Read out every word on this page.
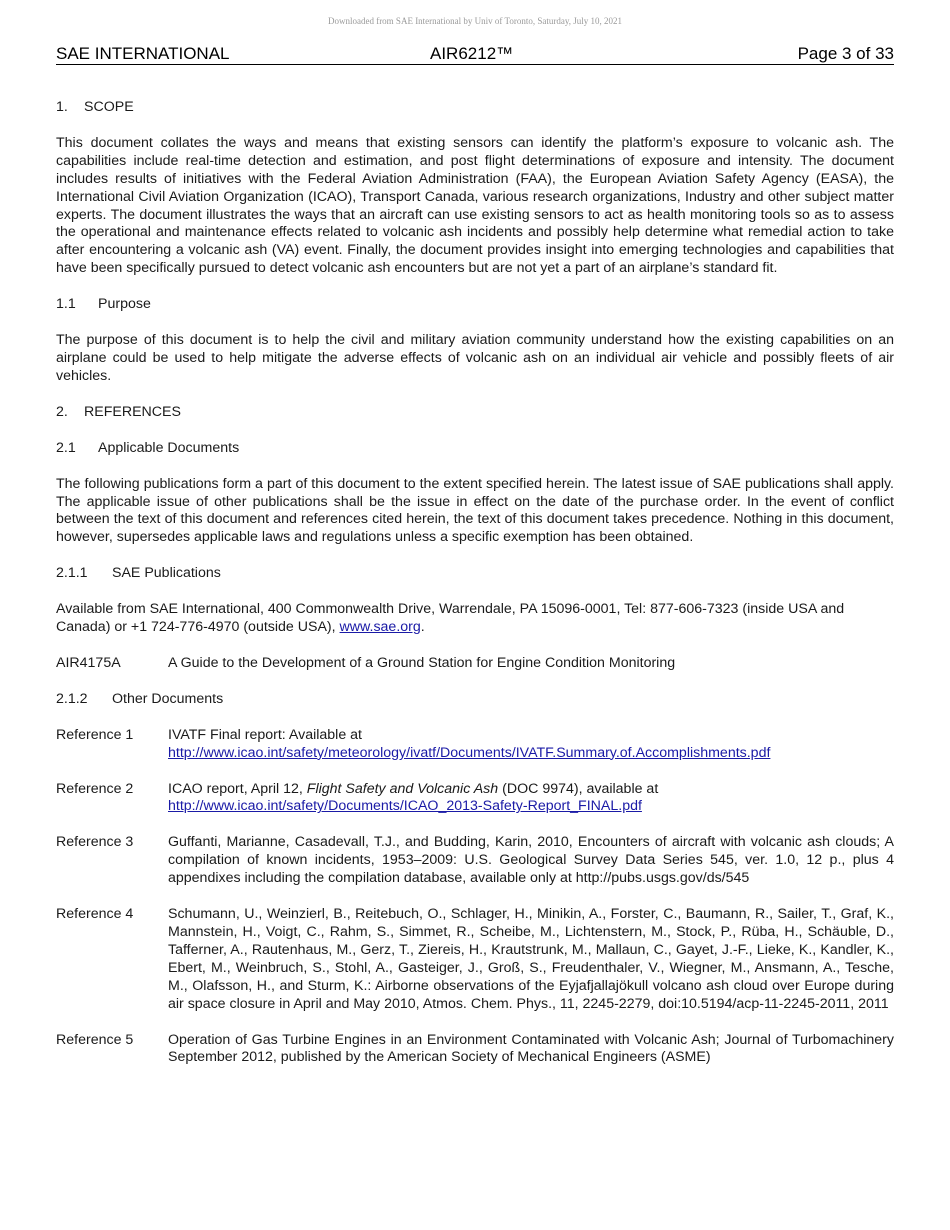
Downloaded from SAE International by Univ of Toronto, Saturday, July 10, 2021
SAE INTERNATIONAL	AIR6212™	Page 3 of 33

1. SCOPE

This document collates the ways and means that existing sensors can identify the platform’s exposure to volcanic ash. The capabilities include real-time detection and estimation, and post flight determinations of exposure and intensity. The document includes results of initiatives with the Federal Aviation Administration (FAA), the European Aviation Safety Agency (EASA), the International Civil Aviation Organization (ICAO), Transport Canada, various research organizations, Industry and other subject matter experts. The document illustrates the ways that an aircraft can use existing sensors to act as health monitoring tools so as to assess the operational and maintenance effects related to volcanic ash incidents and possibly help determine what remedial action to take after encountering a volcanic ash (VA) event. Finally, the document provides insight into emerging technologies and capabilities that have been specifically pursued to detect volcanic ash encounters but are not yet a part of an airplane’s standard fit.

1.1 Purpose

The purpose of this document is to help the civil and military aviation community understand how the existing capabilities on an airplane could be used to help mitigate the adverse effects of volcanic ash on an individual air vehicle and possibly fleets of air vehicles.

2. REFERENCES

2.1 Applicable Documents

The following publications form a part of this document to the extent specified herein. The latest issue of SAE publications shall apply. The applicable issue of other publications shall be the issue in effect on the date of the purchase order. In the event of conflict between the text of this document and references cited herein, the text of this document takes precedence. Nothing in this document, however, supersedes applicable laws and regulations unless a specific exemption has been obtained.

2.1.1 SAE Publications

Available from SAE International, 400 Commonwealth Drive, Warrendale, PA 15096-0001, Tel: 877-606-7323 (inside USA and Canada) or +1 724-776-4970 (outside USA), www.sae.org.

AIR4175A	A Guide to the Development of a Ground Station for Engine Condition Monitoring

2.1.2 Other Documents

Reference 1	IVATF Final report: Available at
http://www.icao.int/safety/meteorology/ivatf/Documents/IVATF.Summary.of.Accomplishments.pdf
Reference 2	ICAO report, April 12, Flight Safety and Volcanic Ash (DOC 9974), available at
http://www.icao.int/safety/Documents/ICAO_2013-Safety-Report_FINAL.pdf
Reference 3	Guffanti, Marianne, Casadevall, T.J., and Budding, Karin, 2010, Encounters of aircraft with volcanic ash clouds; A compilation of known incidents, 1953–2009: U.S. Geological Survey Data Series 545, ver. 1.0, 12 p., plus 4 appendixes including the compilation database, available only at http://pubs.usgs.gov/ds/545
Reference 4	Schumann, U., Weinzierl, B., Reitebuch, O., Schlager, H., Minikin, A., Forster, C., Baumann, R., Sailer, T., Graf, K., Mannstein, H., Voigt, C., Rahm, S., Simmet, R., Scheibe, M., Lichtenstern, M., Stock, P., Rüba, H., Schäuble, D., Tafferner, A., Rautenhaus, M., Gerz, T., Ziereis, H., Krautstrunk, M., Mallaun, C., Gayet, J.-F., Lieke, K., Kandler, K., Ebert, M., Weinbruch, S., Stohl, A., Gasteiger, J., Groß, S., Freudenthaler, V., Wiegner, M., Ansmann, A., Tesche, M., Olafsson, H., and Sturm, K.: Airborne observations of the Eyjafjallajökull volcano ash cloud over Europe during air space closure in April and May 2010, Atmos. Chem. Phys., 11, 2245-2279, doi:10.5194/acp-11-2245-2011, 2011
Reference 5	Operation of Gas Turbine Engines in an Environment Contaminated with Volcanic Ash; Journal of Turbomachinery September 2012, published by the American Society of Mechanical Engineers (ASME)
